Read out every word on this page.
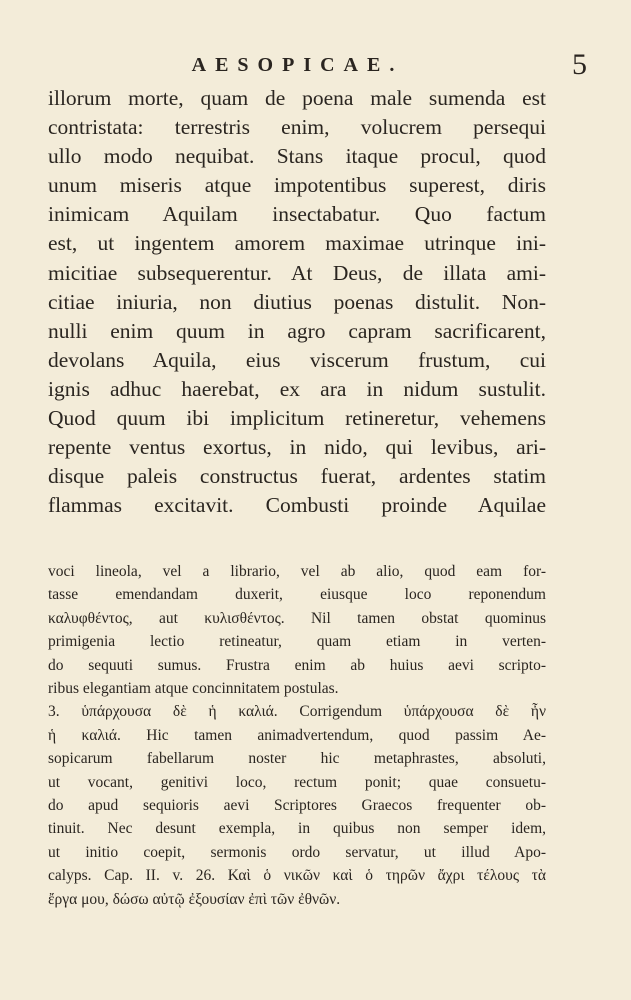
AESOPICAE.	5
illorum morte, quam de poena male sumenda est
contristata: terrestris enim, volucrem persequi
ullo modo nequibat. Stans itaque procul, quod
unum miseris atque impotentibus superest, diris
inimicam Aquilam insectabatur. Quo factum
est, ut ingentem amorem maximae utrinque ini-
micitiae subsequerentur. At Deus, de illata ami-
citiae iniuria, non diutius poenas distulit. Non-
nulli enim quum in agro capram sacrificarent,
devolans Aquila, eius viscerum frustum, cui
ignis adhuc haerebat, ex ara in nidum sustulit.
Quod quum ibi implicitum retineretur, vehemens
repente ventus exortus, in nido, qui levibus, ari-
disque paleis constructus fuerat, ardentes statim
flammas excitavit. Combusti proinde Aquilae
voci lineola, vel a librario, vel ab alio, quod eam for-
tasse emendandam duxerit, eiusque loco reponendum
καλυφθέντος, aut κυλισθέντος. Nil tamen obstat quominus
primigenia lectio retineatur, quam etiam in verten-
do sequuti sumus. Frustra enim ab huius aevi scripto-
ribus elegantiam atque concinnitatem postulas.
3. ὑπάρχουσα δὲ ἡ καλιά. Corrigendum ὑπάρχουσα δὲ ἦν
ἡ καλιά. Hic tamen animadvertendum, quod passim Ae-
sopicarum fabellarum noster hic metaphrastes, absoluti,
ut vocant, genitivi loco, rectum ponit; quae consuetu-
do apud sequioris aevi Scriptores Graecos frequenter ob-
tinuit. Nec desunt exempla, in quibus non semper idem,
ut initio coepit, sermonis ordo servatur, ut illud Apo-
calyps. Cap. II. v. 26. Καὶ ὁ νικῶν καὶ ὁ τηρῶν ἄχρι τέλους τὰ
ἔργα μου, δώσω αὐτῷ ἐξουσίαν ἐπὶ τῶν ἐθνῶν.
